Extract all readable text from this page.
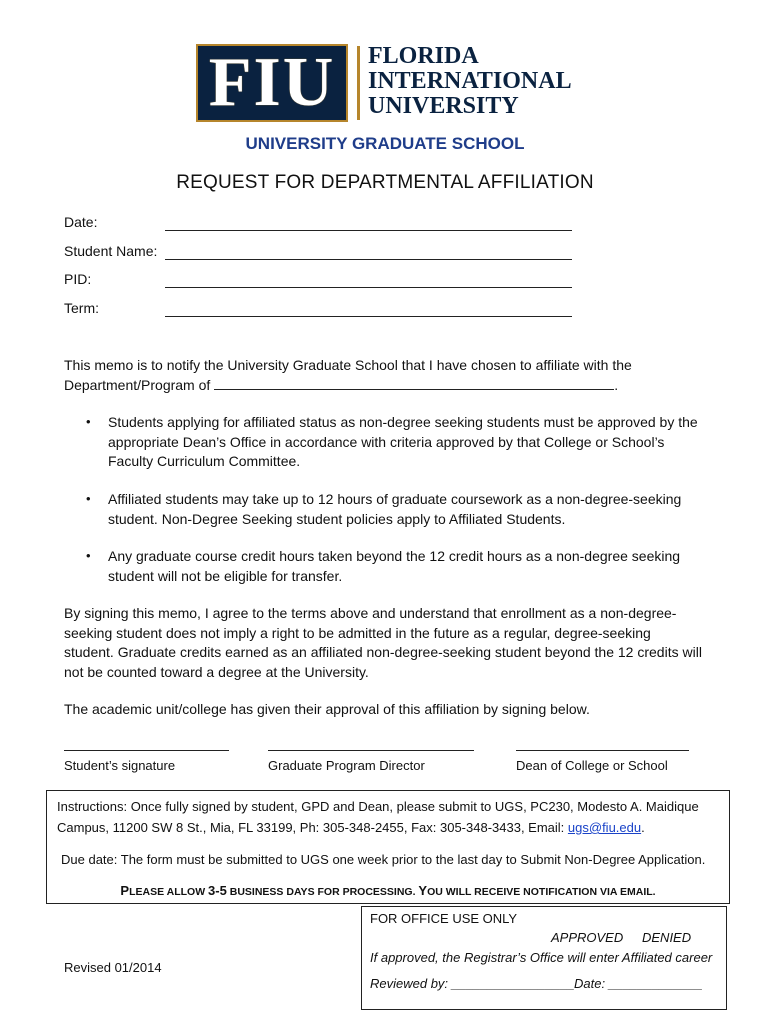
FIU	FLORIDA
INTERNATIONAL
UNIVERSITY
UNIVERSITY GRADUATE SCHOOL
REQUEST FOR DEPARTMENTAL AFFILIATION
Date:
Student Name:
PID:
Term:
This memo is to notify the University Graduate School that I have chosen to affiliate with the
Department/Program of	.
• Students applying for affiliated status as non-degree seeking students must be approved by the appropriate Dean’s Office in accordance with criteria approved by that College or School’s Faculty Curriculum Committee.
• Affiliated students may take up to 12 hours of graduate coursework as a non-degree-seeking student. Non-Degree Seeking student policies apply to Affiliated Students.
• Any graduate course credit hours taken beyond the 12 credit hours as a non-degree seeking student will not be eligible for transfer.
By signing this memo, I agree to the terms above and understand that enrollment as a non-degree-seeking student does not imply a right to be admitted in the future as a regular, degree-seeking student. Graduate credits earned as an affiliated non-degree-seeking student beyond the 12 credits will not be counted toward a degree at the University.
The academic unit/college has given their approval of this affiliation by signing below.
Student’s signature	Graduate Program Director	Dean of College or School
Instructions: Once fully signed by student, GPD and Dean, please submit to UGS, PC230, Modesto A. Maidique Campus, 11200 SW 8 St., Mia, FL 33199, Ph: 305-348-2455, Fax: 305-348-3433, Email: ugs@fiu.edu.
Due date: The form must be submitted to UGS one week prior to the last day to Submit Non-Degree Application.
PLEASE ALLOW 3-5 BUSINESS DAYS FOR PROCESSING. YOU WILL RECEIVE NOTIFICATION VIA EMAIL.
FOR OFFICE USE ONLY
APPROVED DENIED
If approved, the Registrar’s Office will enter Affiliated career
Reviewed by: _________________ Date: _____________
Revised 01/2014
